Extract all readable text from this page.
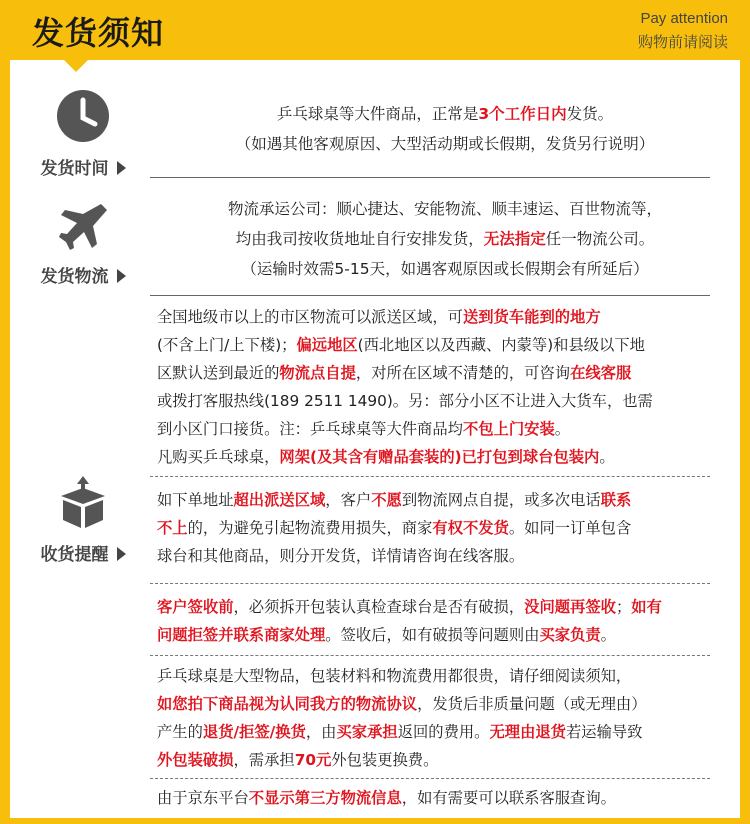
发货须知	Pay attention
购物前请阅读
发货时间
发货物流
收货提醒
乒乓球桌等大件商品，正常是3个工作日内发货。
（如遇其他客观原因、大型活动期或长假期，发货另行说明）
物流承运公司：顺心捷达、安能物流、顺丰速运、百世物流等，
均由我司按收货地址自行安排发货，无法指定任一物流公司。
（运输时效需5-15天，如遇客观原因或长假期会有所延后）
全国地级市以上的市区物流可以派送区域，可送到货车能到的地方
(不含上门/上下楼)；偏远地区(西北地区以及西藏、内蒙等)和县级以下地
区默认送到最近的物流点自提，对所在区域不清楚的，可咨询在线客服
或拨打客服热线(189 2511 1490)。另：部分小区不让进入大货车，也需
到小区门口接货。注：乒乓球桌等大件商品均不包上门安装。
凡购买乒乓球桌，网架(及其含有赠品套装的)已打包到球台包装内。
如下单地址超出派送区域，客户不愿到物流网点自提，或多次电话联系
不上的，为避免引起物流费用损失，商家有权不发货。如同一订单包含
球台和其他商品，则分开发货，详情请咨询在线客服。
客户签收前，必须拆开包装认真检查球台是否有破损，没问题再签收；如有
问题拒签并联系商家处理。签收后，如有破损等问题则由买家负责。
乒乓球桌是大型物品，包装材料和物流费用都很贵，请仔细阅读须知，
如您拍下商品视为认同我方的物流协议，发货后非质量问题（或无理由）
产生的退货/拒签/换货，由买家承担返回的费用。无理由退货若运输导致
外包装破损，需承担70元外包装更换费。
由于京东平台不显示第三方物流信息，如有需要可以联系客服查询。
